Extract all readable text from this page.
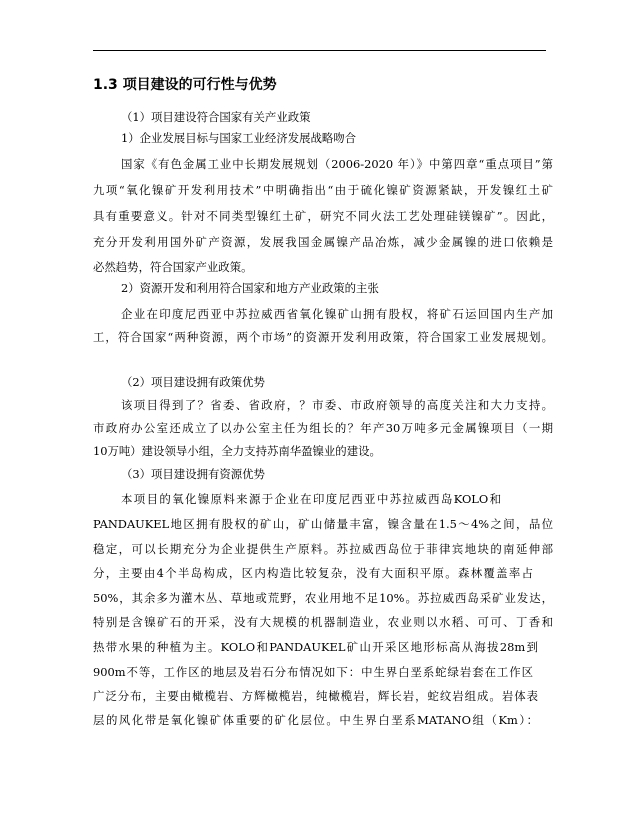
1.3 项目建设的可行性与优势
（1）项目建设符合国家有关产业政策
1）企业发展目标与国家工业经济发展战略吻合
国家《有色金属工业中长期发展规划（2006-2020 年）》中第四章“重点项目”第
九项“氧化镍矿开发利用技术”中明确指出“由于硫化镍矿资源紧缺，开发镍红土矿
具有重要意义。针对不同类型镍红土矿，研究不同火法工艺处理硅镁镍矿”。因此，
充分开发利用国外矿产资源，发展我国金属镍产品冶炼，减少金属镍的进口依赖是
必然趋势，符合国家产业政策。
2）资源开发和利用符合国家和地方产业政策的主张
企业在印度尼西亚中苏拉威西省氧化镍矿山拥有股权，将矿石运回国内生产加
工，符合国家“两种资源，两个市场”的资源开发利用政策，符合国家工业发展规划。
（2）项目建设拥有政策优势
该项目得到了？省委、省政府，？市委、市政府领导的高度关注和大力支持。
市政府办公室还成立了以办公室主任为组长的？年产30万吨多元金属镍项目（一期
10万吨）建设领导小组，全力支持苏南华盈镍业的建设。
（3）项目建设拥有资源优势
本项目的氧化镍原料来源于企业在印度尼西亚中苏拉威西岛KOLO和
PANDAUKEL地区拥有股权的矿山，矿山储量丰富，镍含量在1.5～4%之间，品位
稳定，可以长期充分为企业提供生产原料。苏拉威西岛位于菲律宾地块的南延伸部
分，主要由4个半岛构成，区内构造比较复杂，没有大面积平原。森林覆盖率占
50%，其余多为灌木丛、草地或荒野，农业用地不足10%。苏拉威西岛采矿业发达，
特别是含镍矿石的开采，没有大规模的机器制造业，农业则以水稻、可可、丁香和
热带水果的种植为主。KOLO和PANDAUKEL矿山开采区地形标高从海拔28m到
900m不等，工作区的地层及岩石分布情况如下：中生界白垩系蛇绿岩套在工作区
广泛分布，主要由橄榄岩、方辉橄榄岩，纯橄榄岩，辉长岩，蛇纹岩组成。岩体表
层的风化带是氧化镍矿体重要的矿化层位。中生界白垩系MATANO组（Km）：
